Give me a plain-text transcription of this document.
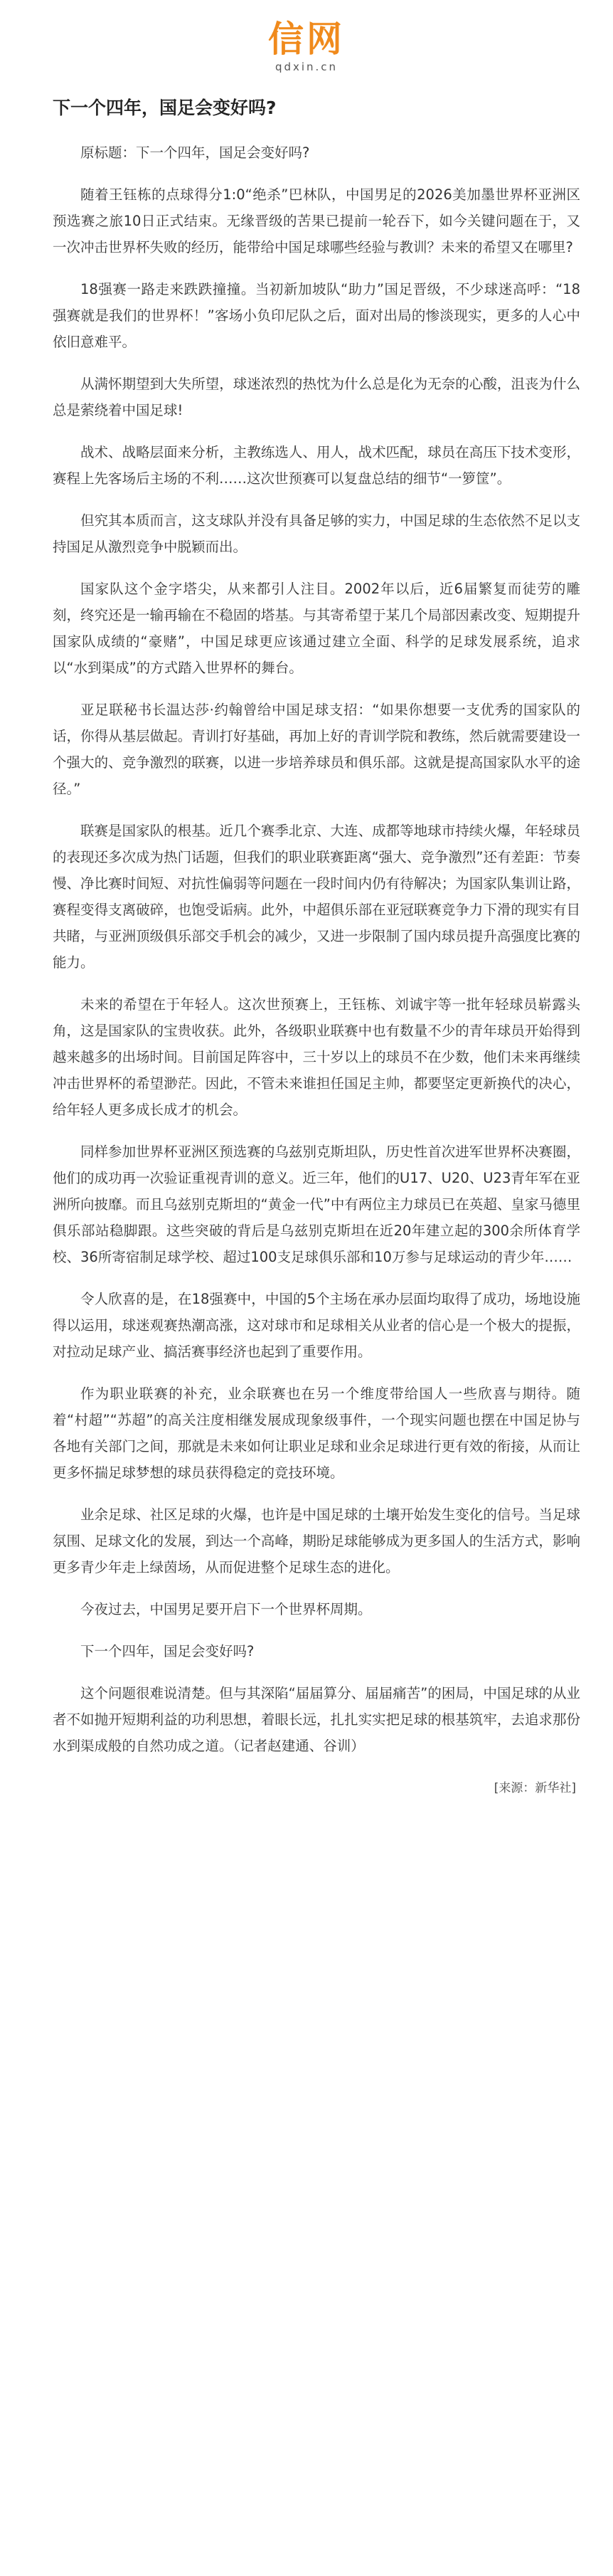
信网
qdxin.cn
下一个四年，国足会变好吗?

原标题：下一个四年，国足会变好吗?

随着王钰栋的点球得分1:0“绝杀”巴林队，中国男足的2026美加墨世界杯亚洲区预选赛之旅10日正式结束。无缘晋级的苦果已提前一轮吞下，如今关键问题在于，又一次冲击世界杯失败的经历，能带给中国足球哪些经验与教训？未来的希望又在哪里?

18强赛一路走来跌跌撞撞。当初新加坡队“助力”国足晋级，不少球迷高呼：“18强赛就是我们的世界杯！”客场小负印尼队之后，面对出局的惨淡现实，更多的人心中依旧意难平。

从满怀期望到大失所望，球迷浓烈的热忱为什么总是化为无奈的心酸，沮丧为什么总是萦绕着中国足球!

战术、战略层面来分析，主教练选人、用人，战术匹配，球员在高压下技术变形，赛程上先客场后主场的不利……这次世预赛可以复盘总结的细节“一箩筐”。

但究其本质而言，这支球队并没有具备足够的实力，中国足球的生态依然不足以支持国足从激烈竞争中脱颖而出。

国家队这个金字塔尖，从来都引人注目。2002年以后，近6届繁复而徒劳的雕刻，终究还是一输再输在不稳固的塔基。与其寄希望于某几个局部因素改变、短期提升国家队成绩的“豪赌”，中国足球更应该通过建立全面、科学的足球发展系统，追求以“水到渠成”的方式踏入世界杯的舞台。

亚足联秘书长温达莎·约翰曾给中国足球支招：“如果你想要一支优秀的国家队的话，你得从基层做起。青训打好基础，再加上好的青训学院和教练，然后就需要建设一个强大的、竞争激烈的联赛，以进一步培养球员和俱乐部。这就是提高国家队水平的途径。”

联赛是国家队的根基。近几个赛季北京、大连、成都等地球市持续火爆，年轻球员的表现还多次成为热门话题，但我们的职业联赛距离“强大、竞争激烈”还有差距：节奏慢、净比赛时间短、对抗性偏弱等问题在一段时间内仍有待解决；为国家队集训让路，赛程变得支离破碎，也饱受诟病。此外，中超俱乐部在亚冠联赛竞争力下滑的现实有目共睹，与亚洲顶级俱乐部交手机会的减少，又进一步限制了国内球员提升高强度比赛的能力。

未来的希望在于年轻人。这次世预赛上，王钰栋、刘诚宇等一批年轻球员崭露头角，这是国家队的宝贵收获。此外，各级职业联赛中也有数量不少的青年球员开始得到越来越多的出场时间。目前国足阵容中，三十岁以上的球员不在少数，他们未来再继续冲击世界杯的希望渺茫。因此，不管未来谁担任国足主帅，都要坚定更新换代的决心，给年轻人更多成长成才的机会。

同样参加世界杯亚洲区预选赛的乌兹别克斯坦队，历史性首次进军世界杯决赛圈，他们的成功再一次验证重视青训的意义。近三年，他们的U17、U20、U23青年军在亚洲所向披靡。而且乌兹别克斯坦的“黄金一代”中有两位主力球员已在英超、皇家马德里俱乐部站稳脚跟。这些突破的背后是乌兹别克斯坦在近20年建立起的300余所体育学校、36所寄宿制足球学校、超过100支足球俱乐部和10万参与足球运动的青少年……

令人欣喜的是，在18强赛中，中国的5个主场在承办层面均取得了成功，场地设施得以运用，球迷观赛热潮高涨，这对球市和足球相关从业者的信心是一个极大的提振，对拉动足球产业、搞活赛事经济也起到了重要作用。

作为职业联赛的补充，业余联赛也在另一个维度带给国人一些欣喜与期待。随着“村超”“苏超”的高关注度相继发展成现象级事件，一个现实问题也摆在中国足协与各地有关部门之间，那就是未来如何让职业足球和业余足球进行更有效的衔接，从而让更多怀揣足球梦想的球员获得稳定的竞技环境。

业余足球、社区足球的火爆，也许是中国足球的土壤开始发生变化的信号。当足球氛围、足球文化的发展，到达一个高峰，期盼足球能够成为更多国人的生活方式，影响更多青少年走上绿茵场，从而促进整个足球生态的进化。

今夜过去，中国男足要开启下一个世界杯周期。

下一个四年，国足会变好吗?

这个问题很难说清楚。但与其深陷“届届算分、届届痛苦”的困局，中国足球的从业者不如抛开短期利益的功利思想，着眼长远，扎扎实实把足球的根基筑牢，去追求那份水到渠成般的自然功成之道。（记者赵建通、谷训）

[来源：新华社]
